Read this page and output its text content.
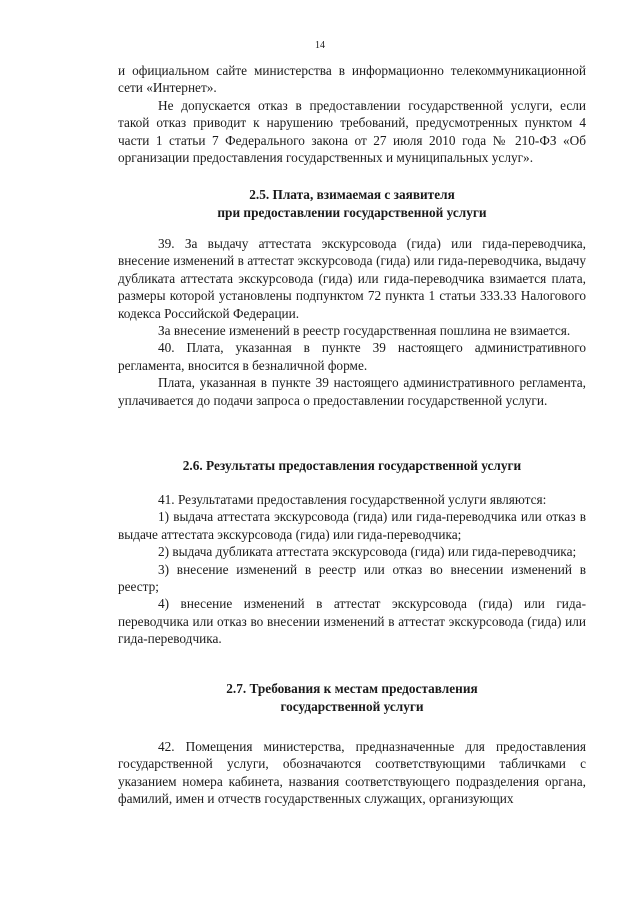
14

и официальном сайте министерства в информационно телекоммуникационной сети «Интернет».

Не допускается отказ в предоставлении государственной услуги, если такой отказ приводит к нарушению требований, предусмотренных пунктом 4 части 1 статьи 7 Федерального закона от 27 июля 2010 года № 210-ФЗ «Об организации предоставления государственных и муниципальных услуг».

2.5. Плата, взимаемая с заявителя
при предоставлении государственной услуги

39. За выдачу аттестата экскурсовода (гида) или гида-переводчика, внесение изменений в аттестат экскурсовода (гида) или гида-переводчика, выдачу дубликата аттестата экскурсовода (гида) или гида-переводчика взимается плата, размеры которой установлены подпунктом 72 пункта 1 статьи 333.33 Налогового кодекса Российской Федерации.

За внесение изменений в реестр государственная пошлина не взимается.

40. Плата, указанная в пункте 39 настоящего административного регламента, вносится в безналичной форме.

Плата, указанная в пункте 39 настоящего административного регламента, уплачивается до подачи запроса о предоставлении государственной услуги.

2.6. Результаты предоставления государственной услуги

41. Результатами предоставления государственной услуги являются:

1) выдача аттестата экскурсовода (гида) или гида-переводчика или отказ в выдаче аттестата экскурсовода (гида) или гида-переводчика;

2) выдача дубликата аттестата экскурсовода (гида) или гида-переводчика;

3) внесение изменений в реестр или отказ во внесении изменений в реестр;

4) внесение изменений в аттестат экскурсовода (гида) или гида-переводчика или отказ во внесении изменений в аттестат экскурсовода (гида) или гида-переводчика.

2.7. Требования к местам предоставления
государственной услуги

42. Помещения министерства, предназначенные для предоставления государственной услуги, обозначаются соответствующими табличками с указанием номера кабинета, названия соответствующего подразделения органа, фамилий, имен и отчеств государственных служащих, организующих
